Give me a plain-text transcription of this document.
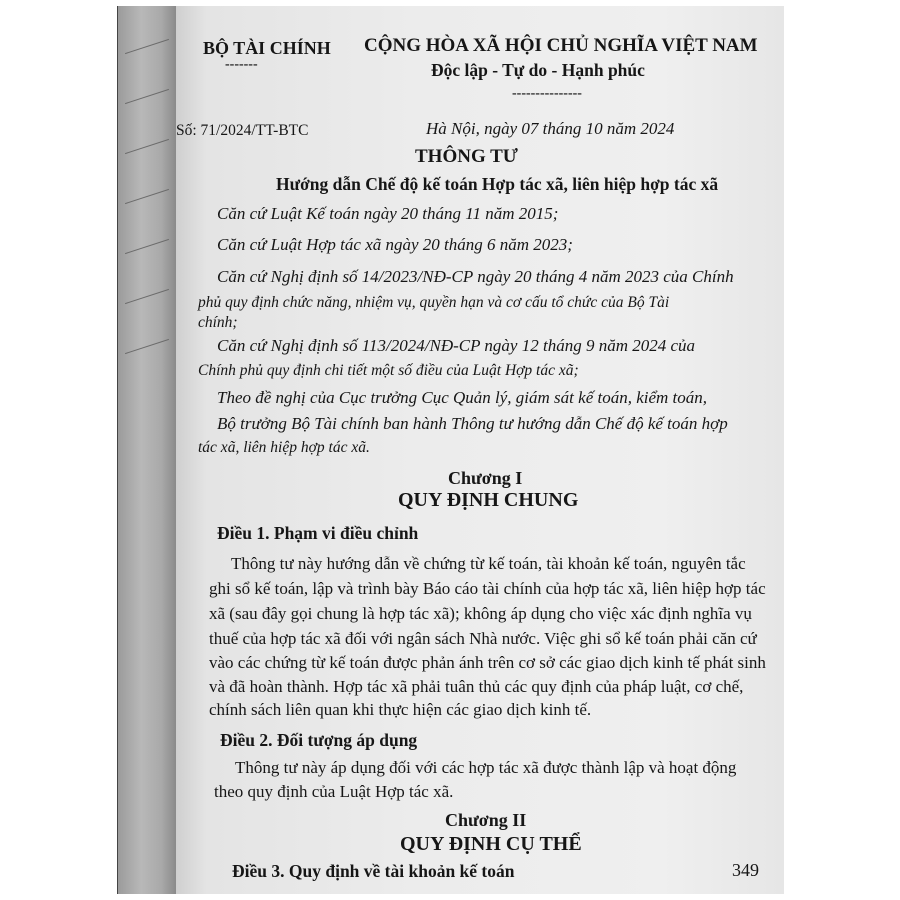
BỘ TÀI CHÍNH
-------
CỘNG HÒA XÃ HỘI CHỦ NGHĨA VIỆT NAM
Độc lập - Tự do - Hạnh phúc
---------------
Số: 71/2024/TT-BTC	Hà Nội, ngày 07 tháng 10 năm 2024
THÔNG TƯ
Hướng dẫn Chế độ kế toán Hợp tác xã, liên hiệp hợp tác xã
Căn cứ Luật Kế toán ngày 20 tháng 11 năm 2015;
Căn cứ Luật Hợp tác xã ngày 20 tháng 6 năm 2023;
Căn cứ Nghị định số 14/2023/NĐ-CP ngày 20 tháng 4 năm 2023 của Chính
phủ quy định chức năng, nhiệm vụ, quyền hạn và cơ cấu tổ chức của Bộ Tài
chính;
Căn cứ Nghị định số 113/2024/NĐ-CP ngày 12 tháng 9 năm 2024 của
Chính phủ quy định chi tiết một số điều của Luật Hợp tác xã;
Theo đề nghị của Cục trưởng Cục Quản lý, giám sát kế toán, kiểm toán,
Bộ trưởng Bộ Tài chính ban hành Thông tư hướng dẫn Chế độ kế toán hợp
tác xã, liên hiệp hợp tác xã.
Chương I
QUY ĐỊNH CHUNG
Điều 1. Phạm vi điều chỉnh
Thông tư này hướng dẫn về chứng từ kế toán, tài khoản kế toán, nguyên tắc
ghi sổ kế toán, lập và trình bày Báo cáo tài chính của hợp tác xã, liên hiệp hợp tác
xã (sau đây gọi chung là hợp tác xã); không áp dụng cho việc xác định nghĩa vụ
thuế của hợp tác xã đối với ngân sách Nhà nước. Việc ghi sổ kế toán phải căn cứ
vào các chứng từ kế toán được phản ánh trên cơ sở các giao dịch kinh tế phát sinh
và đã hoàn thành. Hợp tác xã phải tuân thủ các quy định của pháp luật, cơ chế,
chính sách liên quan khi thực hiện các giao dịch kinh tế.
Điều 2. Đối tượng áp dụng
Thông tư này áp dụng đối với các hợp tác xã được thành lập và hoạt động
theo quy định của Luật Hợp tác xã.
Chương II
QUY ĐỊNH CỤ THỂ
Điều 3. Quy định về tài khoản kế toán	349
